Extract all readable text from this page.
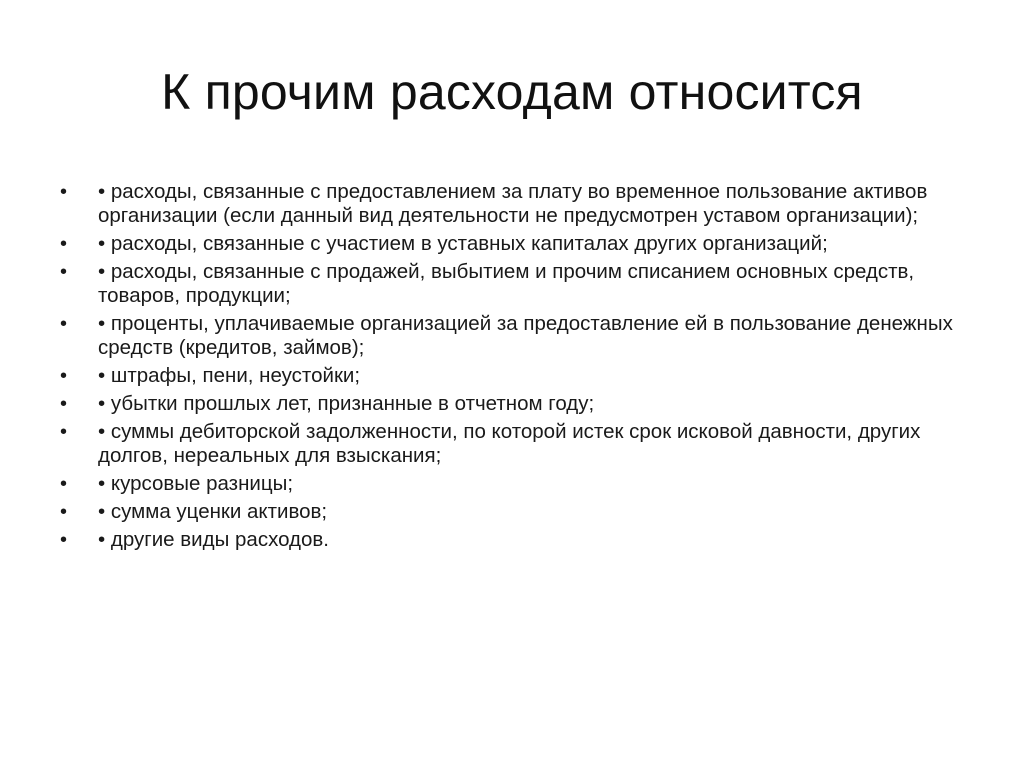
К прочим расходам относится
•	• расходы, связанные с предоставлением за плату во временное пользование активов организации (если данный вид деятельности не предусмотрен уставом организации);
•	• расходы, связанные с участием в уставных капиталах других организаций;
•	• расходы, связанные с продажей, выбытием и прочим списанием основных средств, товаров, продукции;
•	• проценты, уплачиваемые организацией за предоставление ей в пользование денежных средств (кредитов, займов);
•	• штрафы, пени, неустойки;
•	• убытки прошлых лет, признанные в отчетном году;
•	• суммы дебиторской задолженности, по которой истек срок исковой давности, других долгов, нереальных для взыскания;
•	• курсовые разницы;
•	• сумма уценки активов;
•	• другие виды расходов.
